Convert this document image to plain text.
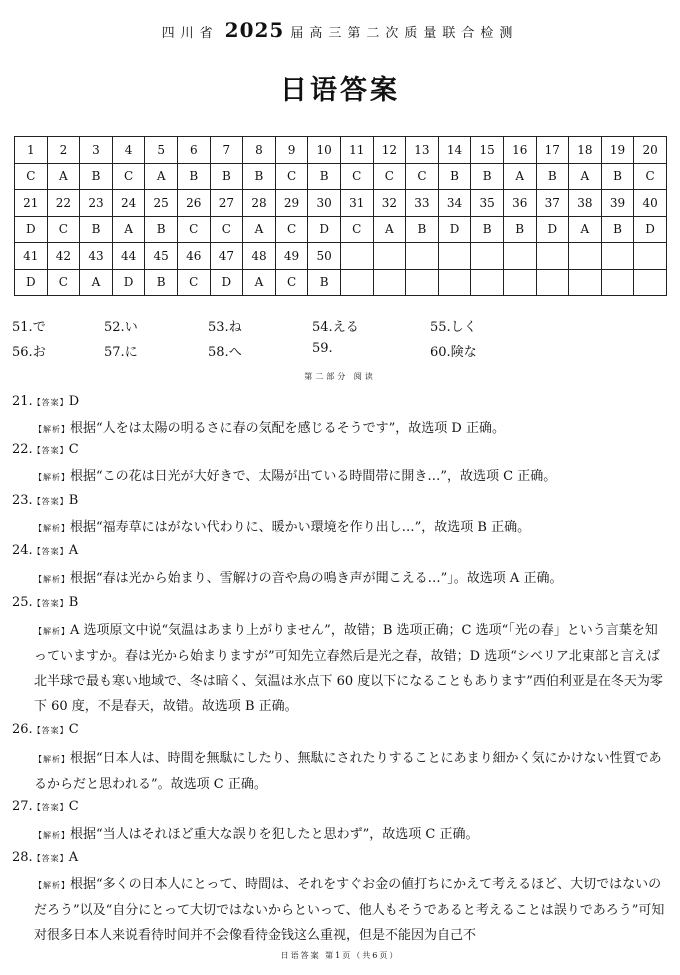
四川省 2025 届高三第二次质量联合检测
日语答案
1	2	3	4	5	6	7	8	9	10	11	12	13	14	15	16	17	18	19	20
C	A	B	C	A	B	B	B	C	B	C	C	C	B	B	A	B	A	B	C
21	22	23	24	25	26	27	28	29	30	31	32	33	34	35	36	37	38	39	40
D	C	B	A	B	C	C	A	C	D	C	A	B	D	B	B	D	A	B	D
41	42	43	44	45	46	47	48	49	50										
D	C	A	D	B	C	D	A	C	B										
51.で	52.い	53.ね	54.える	55.しく
56.お	57.に	58.へ	59.	60.険な
第二部分 阅读
21.【答案】D
【解析】根据“人をは太陽の明るさに春の気配を感じるそうです”，故选项 D 正确。
22.【答案】C
【解析】根据“この花は日光が大好きで、太陽が出ている時間帯に開き…”，故选项 C 正确。
23.【答案】B
【解析】根据“福寿草にはがない代わりに、暖かい環境を作り出し…”，故选项 B 正确。
24.【答案】A
【解析】根据“春は光から始まり、雪解けの音や鳥の鳴き声が聞こえる…”」。故选项 A 正确。
25.【答案】B
【解析】A 选项原文中说“気温はあまり上がりません”，故错；B 选项正确；C 选项“「光の春」という言葉を知っていますか。春は光から始まりますが”可知先立春然后是光之春，故错；D 选项“シベリア北東部と言えば北半球で最も寒い地域で、冬は暗く、気温は氷点下 60 度以下になることもあります”西伯利亚是在冬天为零下 60 度，不是春天，故错。故选项 B 正确。
26.【答案】C
【解析】根据“日本人は、時間を無駄にしたり、無駄にされたりすることにあまり細かく気にかけない性質であるからだと思われる”。故选项 C 正确。
27.【答案】C
【解析】根据“当人はそれほど重大な誤りを犯したと思わず”，故选项 C 正确。
28.【答案】A
【解析】根据“多くの日本人にとって、時間は、それをすぐお金の値打ちにかえて考えるほど、大切ではないのだろう”以及“自分にとって大切ではないからといって、他人もそうであると考えることは誤りであろう”可知对很多日本人来说看待时间并不会像看待金钱这么重视，但是不能因为自己不
日语答案 第1页（共6页）
